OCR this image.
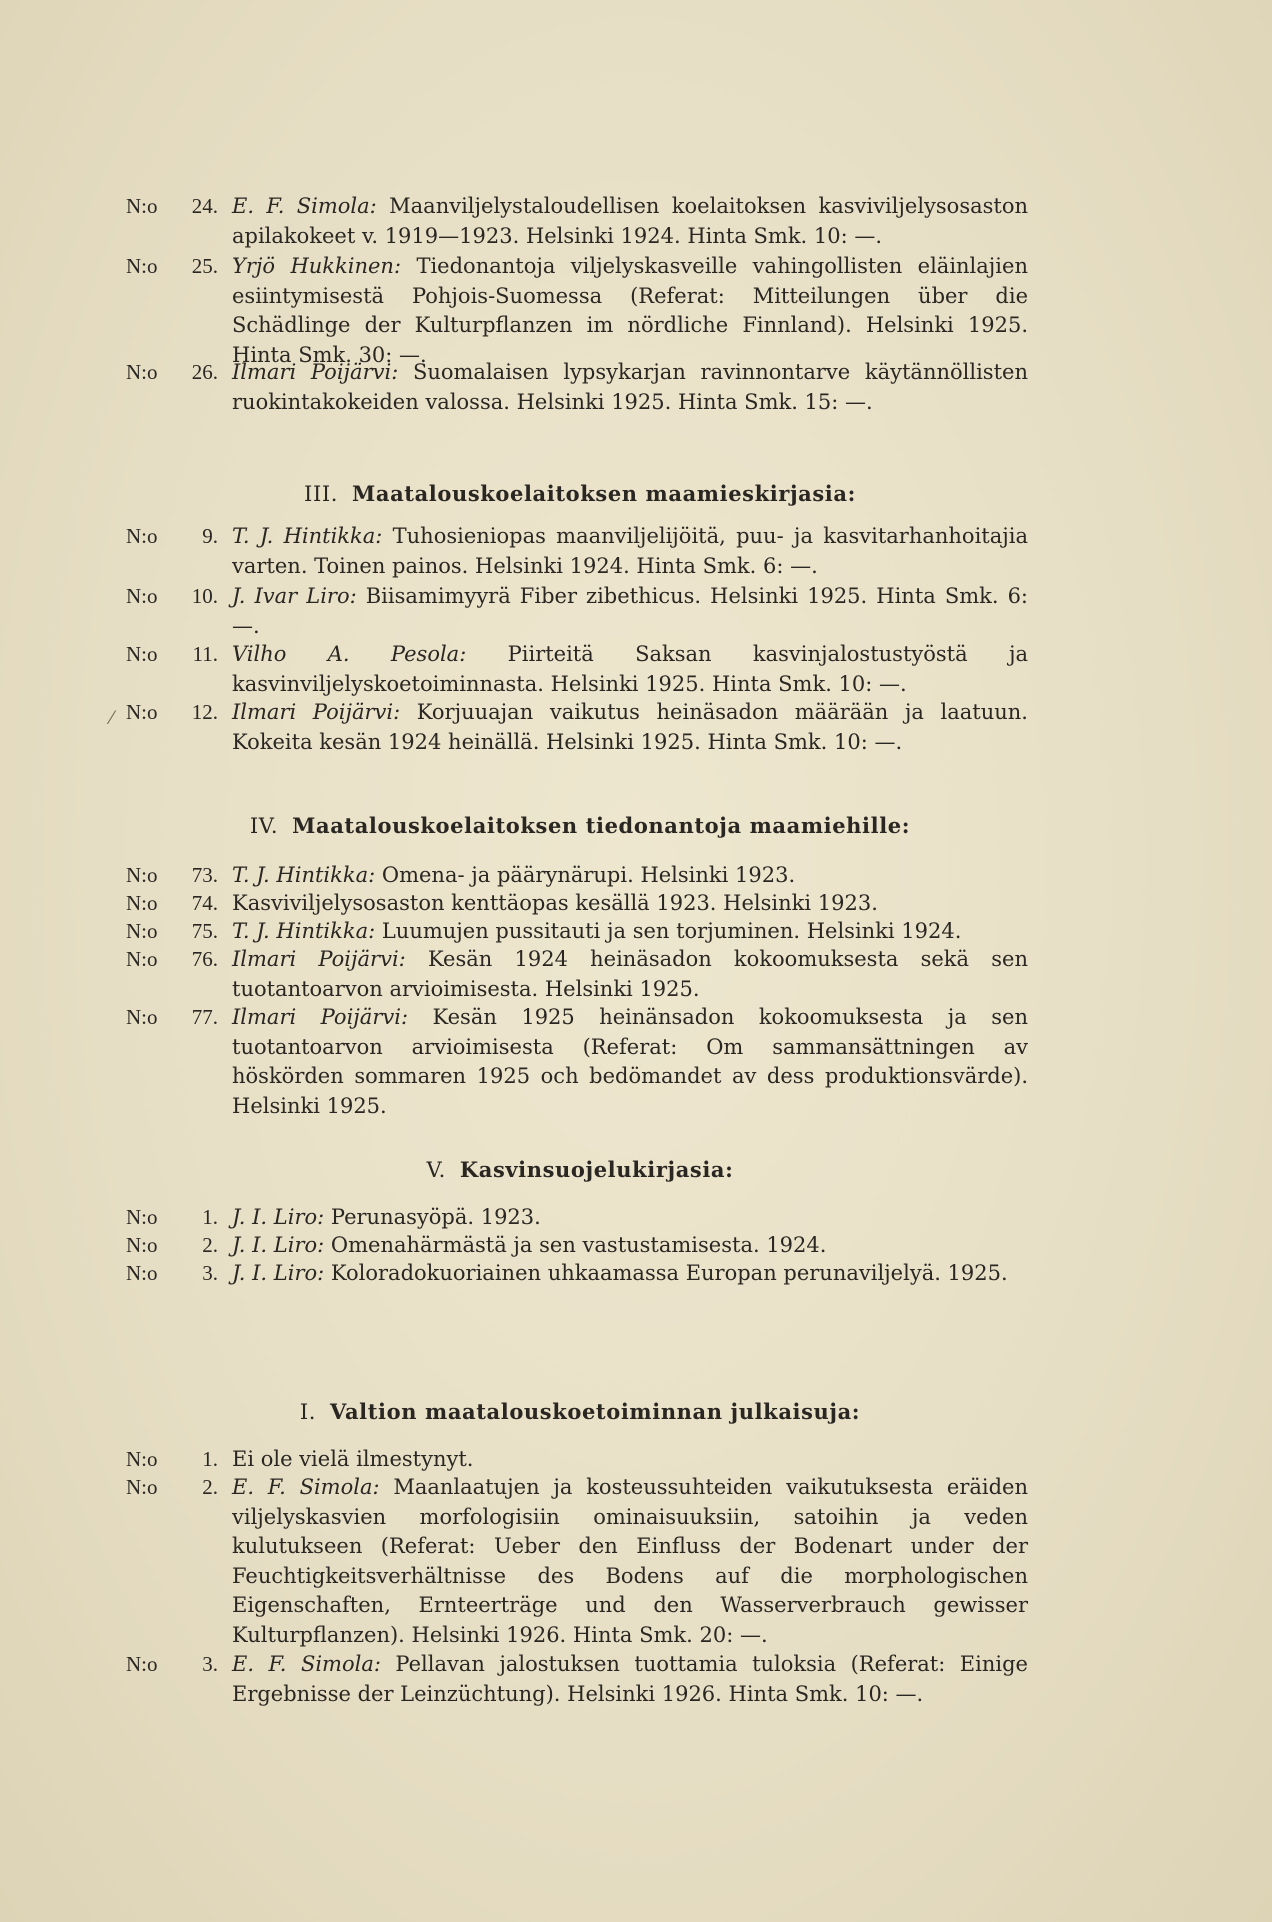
⁄
N:o 24. E. F. Simola: Maanviljelystaloudellisen koelaitoksen kasviviljelysosaston apilakokeet v. 1919—1923. Helsinki 1924. Hinta Smk. 10: —.
N:o 25. Yrjö Hukkinen: Tiedonantoja viljelyskasveille vahingollisten eläinlajien esiintymisestä Pohjois-Suomessa (Referat: Mitteilungen über die Schädlinge der Kulturpflanzen im nördliche Finnland). Helsinki 1925. Hinta Smk. 30: —.
N:o 26. Ilmari Poijärvi: Suomalaisen lypsykarjan ravinnontarve käytännöllisten ruokintakokeiden valossa. Helsinki 1925. Hinta Smk. 15: —.
III. Maatalouskoelaitoksen maamieskirjasia:
N:o 9. T. J. Hintikka: Tuhosieniopas maanviljelijöitä, puu- ja kasvitarhanhoitajia varten. Toinen painos. Helsinki 1924. Hinta Smk. 6: —.
N:o 10. J. Ivar Liro: Biisamimyyrä Fiber zibethicus. Helsinki 1925. Hinta Smk. 6: —.
N:o 11. Vilho A. Pesola: Piirteitä Saksan kasvinjalostustyöstä ja kasvinviljelyskoetoiminnasta. Helsinki 1925. Hinta Smk. 10: —.
N:o 12. Ilmari Poijärvi: Korjuuajan vaikutus heinäsadon määrään ja laatuun. Kokeita kesän 1924 heinällä. Helsinki 1925. Hinta Smk. 10: —.
IV. Maatalouskoelaitoksen tiedonantoja maamiehille:
N:o 73. T. J. Hintikka: Omena- ja päärynärupi. Helsinki 1923.
N:o 74. Kasviviljelysosaston kenttäopas kesällä 1923. Helsinki 1923.
N:o 75. T. J. Hintikka: Luumujen pussitauti ja sen torjuminen. Helsinki 1924.
N:o 76. Ilmari Poijärvi: Kesän 1924 heinäsadon kokoomuksesta sekä sen tuotantoarvon arvioimisesta. Helsinki 1925.
N:o 77. Ilmari Poijärvi: Kesän 1925 heinänsadon kokoomuksesta ja sen tuotantoarvon arvioimisesta (Referat: Om sammansättningen av höskörden sommaren 1925 och bedömandet av dess produktionsvärde). Helsinki 1925.
V. Kasvinsuojelukirjasia:
N:o 1. J. I. Liro: Perunasyöpä. 1923.
N:o 2. J. I. Liro: Omenahärmästä ja sen vastustamisesta. 1924.
N:o 3. J. I. Liro: Koloradokuoriainen uhkaamassa Europan perunaviljelyä. 1925.
I. Valtion maatalouskoetoiminnan julkaisuja:
N:o 1. Ei ole vielä ilmestynyt.
N:o 2. E. F. Simola: Maanlaatujen ja kosteussuhteiden vaikutuksesta eräiden viljelyskasvien morfologisiin ominaisuuksiin, satoihin ja veden kulutukseen (Referat: Ueber den Einfluss der Bodenart under der Feuchtigkeitsverhältnisse des Bodens auf die morphologischen Eigenschaften, Ernteerträge und den Wasserverbrauch gewisser Kulturpflanzen). Helsinki 1926. Hinta Smk. 20: —.
N:o 3. E. F. Simola: Pellavan jalostuksen tuottamia tuloksia (Referat: Einige Ergebnisse der Leinzüchtung). Helsinki 1926. Hinta Smk. 10: —.
